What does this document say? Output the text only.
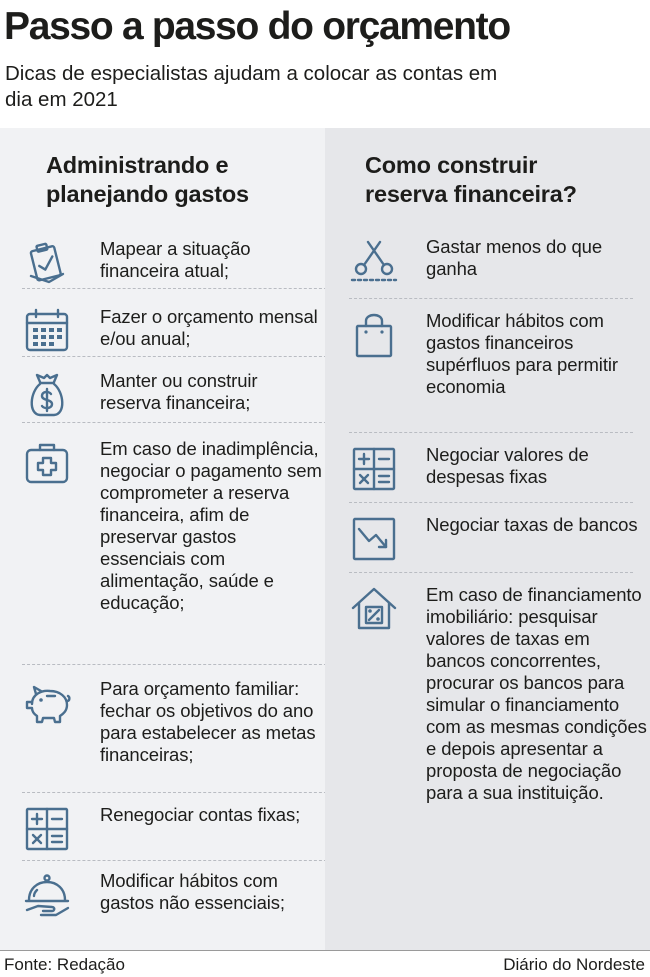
Passo a passo do orçamento

Dicas de especialistas ajudam a colocar as contas em dia em 2021

Administrando e planejando gastos
Mapear a situação financeira atual;
Fazer o orçamento mensal e/ou anual;
Manter ou construir reserva financeira;
Em caso de inadimplência, negociar o pagamento sem comprometer a reserva financeira, afim de preservar gastos essenciais com alimentação, saúde e educação;
Para orçamento familiar: fechar os objetivos do ano para estabelecer as metas financeiras;
Renegociar contas fixas;
Modificar hábitos com gastos não essenciais;
Como construir
reserva financeira?
Gastar menos do que ganha
Modificar hábitos com gastos financeiros supérfluos para permitir economia
Negociar valores de despesas fixas
Negociar taxas de bancos
Em caso de financiamento imobiliário: pesquisar valores de taxas em bancos concorrentes, procurar os bancos para simular o financiamento com as mesmas condições e depois apresentar a proposta de negociação para a sua instituição.
Fonte: Redação	Diário do Nordeste
